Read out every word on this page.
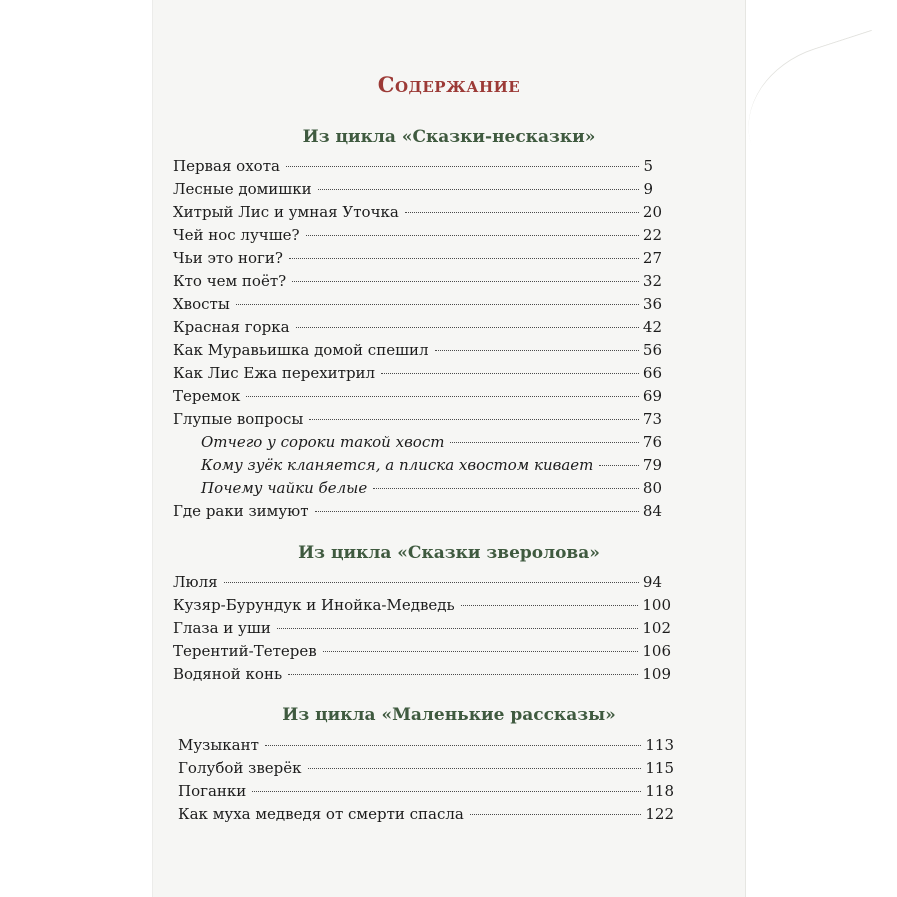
Содержание
Из цикла «Сказки-несказки»
Первая охота	5
Лесные домишки	9
Хитрый Лис и умная Уточка	20
Чей нос лучше?	22
Чьи это ноги?	27
Кто чем поёт?	32
Хвосты	36
Красная горка	42
Как Муравьишка домой спешил	56
Как Лис Ежа перехитрил	66
Теремок	69
Глупые вопросы	73
Отчего у сороки такой хвост	76
Кому зуёк кланяется, а плиска хвостом кивает	79
Почему чайки белые	80
Где раки зимуют	84
Из цикла «Сказки зверолова»
Люля	94
Кузяр-Бурундук и Инойка-Медведь	100
Глаза и уши	102
Терентий-Тетерев	106
Водяной конь	109
Из цикла «Маленькие рассказы»
Музыкант	113
Голубой зверёк	115
Поганки	118
Как муха медведя от смерти спасла	122
